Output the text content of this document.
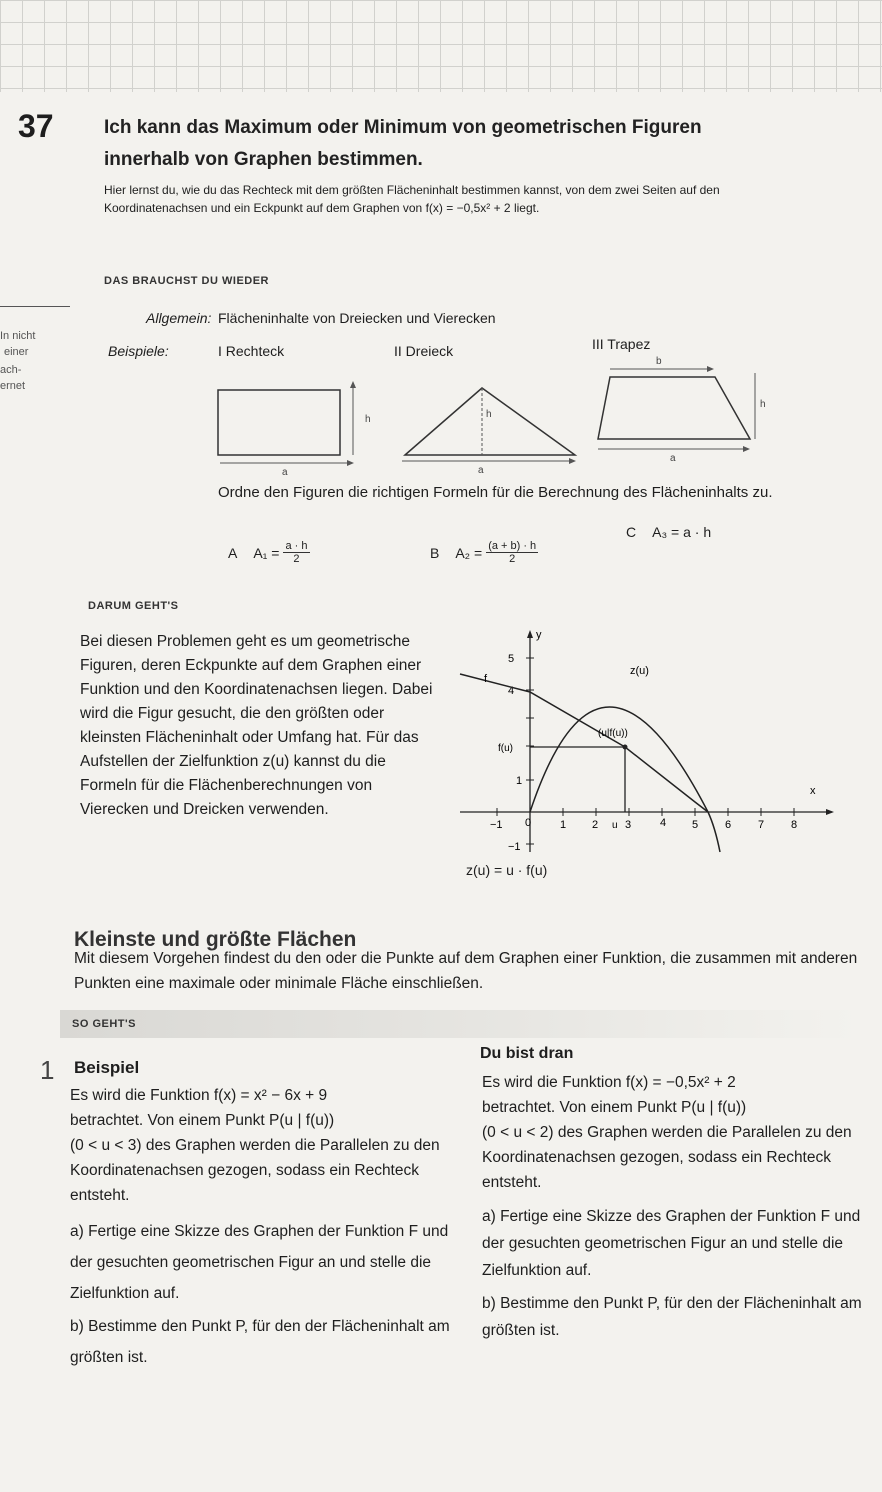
37	Ich kann das Maximum oder Minimum von geometrischen Figuren innerhalb von Graphen bestimmen.
Hier lernst du, wie du das Rechteck mit dem größten Flächeninhalt bestimmen kannst, von dem zwei Seiten auf den Koordinatenachsen und ein Eckpunkt auf dem Graphen von f(x) = −0,5x² + 2 liegt.
DAS BRAUCHST DU WIEDER
In nicht
einer
ach-
ernet
Allgemein: Flächeninhalte von Dreiecken und Vierecken
Beispiele:	I Rechteck	II Dreieck	III Trapez
h
a
h
a
b
h
a
Ordne den Figuren die richtigen Formeln für die Berechnung des Flächeninhalts zu.
A $A_1 = \frac{a \cdot h}{2}$	B $A_2 = \frac{(a + b) \cdot h}{2}$
C A₃ = a · h
DARUM GEHT'S
Bei diesen Problemen geht es um geometrische Figuren, deren Eckpunkte auf dem Graphen einer Funktion und den Koordinatenachsen liegen. Dabei wird die Figur gesucht, die den größten oder kleinsten Flächeninhalt oder Umfang hat. Für das Aufstellen der Zielfunktion z(u) kannst du die Formeln für die Flächenberechnungen von Vierecken und Dreicken verwenden.
y
x
−1 0	1 2 3	4 5 6 7 8
5
4
1
−1
f
z(u)
(u|f(u))
f(u)
u
z(u) = u · f(u)
Kleinste und größte Flächen
Mit diesem Vorgehen findest du den oder die Punkte auf dem Graphen einer Funktion, die zusammen mit anderen Punkten eine maximale oder minimale Fläche einschließen.
SO GEHT'S
1 Beispiel
Es wird die Funktion f(x) = x² − 6x + 9
betrachtet. Von einem Punkt P(u | f(u))
(0 < u < 3) des Graphen werden die Parallelen zu den Koordinatenachsen gezogen, sodass ein Rechteck entsteht.
a) Fertige eine Skizze des Graphen der Funktion F und der gesuchten geometrischen Figur an und stelle die Zielfunktion auf.
b) Bestimme den Punkt P, für den der Flächeninhalt am größten ist.
Du bist dran
Es wird die Funktion f(x) = −0,5x² + 2
betrachtet. Von einem Punkt P(u | f(u))
(0 < u < 2) des Graphen werden die Parallelen zu den Koordinatenachsen gezogen, sodass ein Rechteck entsteht.
a) Fertige eine Skizze des Graphen der Funktion F und der gesuchten geometrischen Figur an und stelle die Zielfunktion auf.
b) Bestimme den Punkt P, für den der Flächeninhalt am größten ist.
